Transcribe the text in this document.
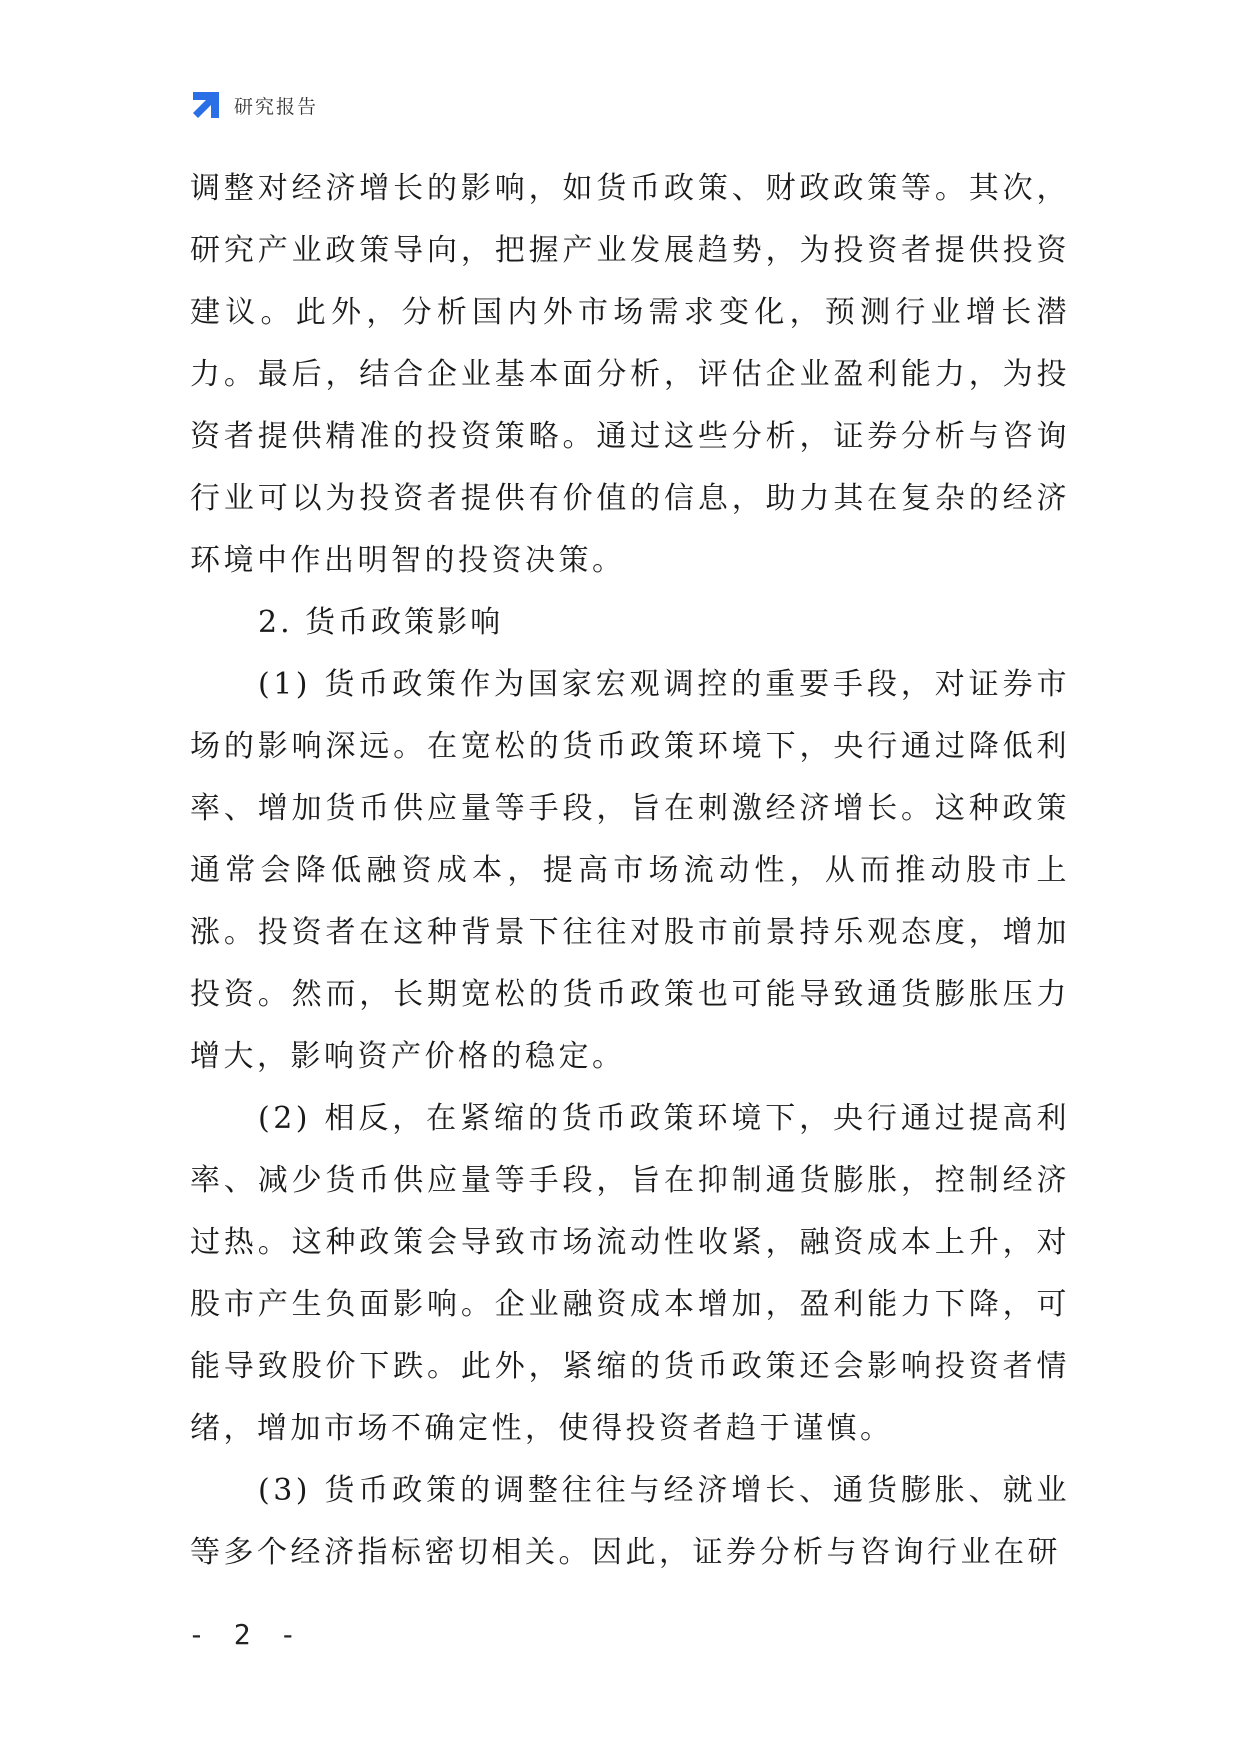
研究报告

调整对经济增长的影响，如货币政策、财政政策等。其次，研究产业政策导向，把握产业发展趋势，为投资者提供投资建议。此外，分析国内外市场需求变化，预测行业增长潜力。最后，结合企业基本面分析，评估企业盈利能力，为投资者提供精准的投资策略。通过这些分析，证券分析与咨询行业可以为投资者提供有价值的信息，助力其在复杂的经济环境中作出明智的投资决策。

2. 货币政策影响

(1) 货币政策作为国家宏观调控的重要手段，对证券市场的影响深远。在宽松的货币政策环境下，央行通过降低利率、增加货币供应量等手段，旨在刺激经济增长。这种政策通常会降低融资成本，提高市场流动性，从而推动股市上涨。投资者在这种背景下往往对股市前景持乐观态度，增加投资。然而，长期宽松的货币政策也可能导致通货膨胀压力增大，影响资产价格的稳定。

(2) 相反，在紧缩的货币政策环境下，央行通过提高利率、减少货币供应量等手段，旨在抑制通货膨胀，控制经济过热。这种政策会导致市场流动性收紧，融资成本上升，对股市产生负面影响。企业融资成本增加，盈利能力下降，可能导致股价下跌。此外，紧缩的货币政策还会影响投资者情绪，增加市场不确定性，使得投资者趋于谨慎。

(3) 货币政策的调整往往与经济增长、通货膨胀、就业等多个经济指标密切相关。因此，证券分析与咨询行业在研

- 2 -
